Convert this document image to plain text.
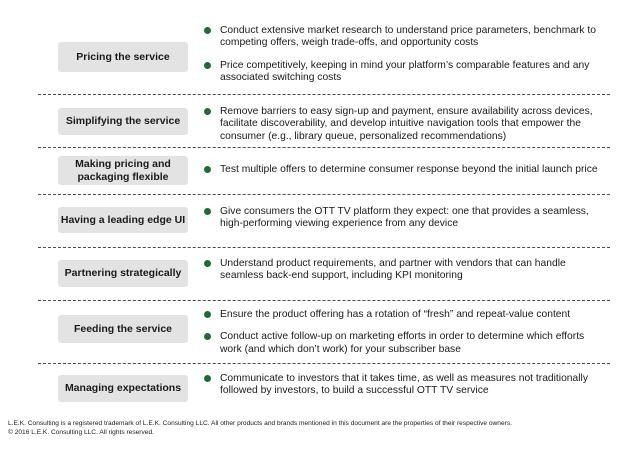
Pricing the service
Conduct extensive market research to understand price parameters, benchmark to competing offers, weigh trade-offs, and opportunity costs
Price competitively, keeping in mind your platform’s comparable features and any associated switching costs
Simplifying the service
Remove barriers to easy sign-up and payment, ensure availability across devices, facilitate discoverability, and develop intuitive navigation tools that empower the consumer (e.g., library queue, personalized recommendations)
Making pricing and packaging flexible
Test multiple offers to determine consumer response beyond the initial launch price
Having a leading edge UI
Give consumers the OTT TV platform they expect: one that provides a seamless, high-performing viewing experience from any device
Partnering strategically
Understand product requirements, and partner with vendors that can handle seamless back-end support, including KPI monitoring
Feeding the service
Ensure the product offering has a rotation of “fresh” and repeat-value content
Conduct active follow-up on marketing efforts in order to determine which efforts work (and which don’t work) for your subscriber base
Managing expectations
Communicate to investors that it takes time, as well as measures not traditionally followed by investors, to build a successful OTT TV service
L.E.K. Consulting is a registered trademark of L.E.K. Consulting LLC. All other products and brands mentioned in this document are the properties of their respective owners.
© 2016 L.E.K. Consulting LLC. All rights reserved.
